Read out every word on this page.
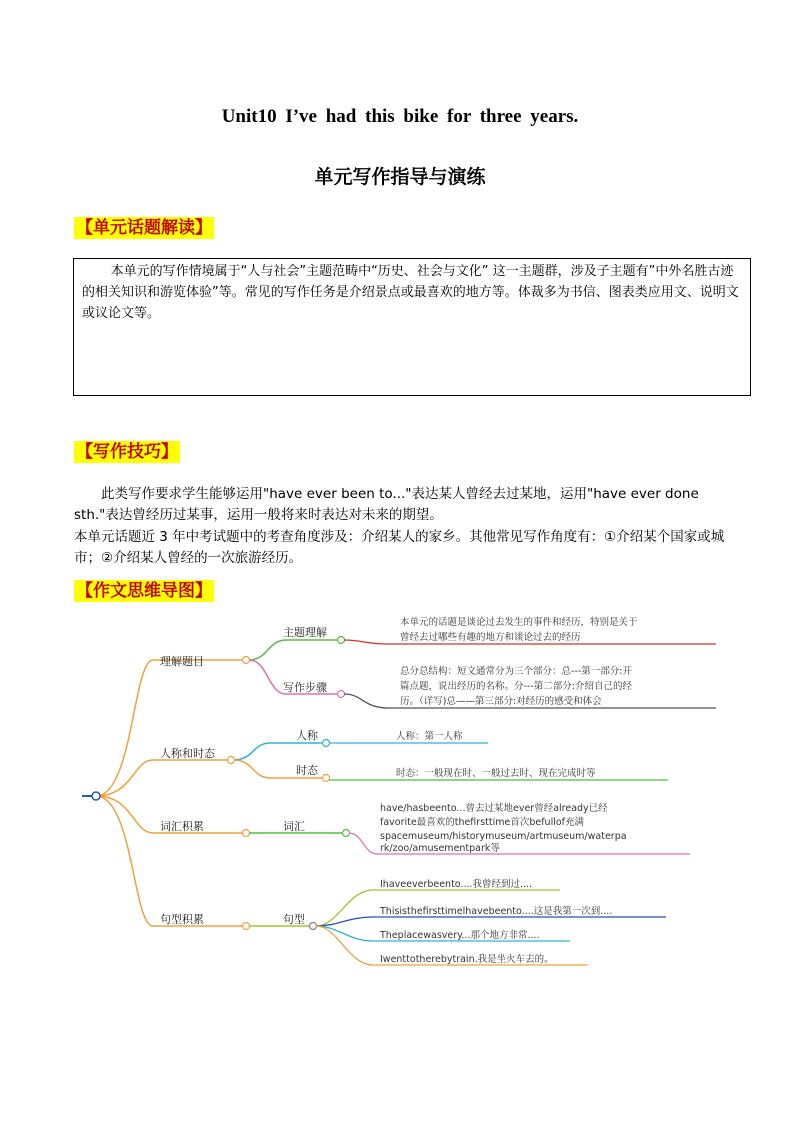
Unit10 I’ve had this bike for three years.
单元写作指导与演练
【单元话题解读】

本单元的写作情境属于“人与社会”主题范畴中“历史、社会与文化” 这一主题群，涉及子主题有”中外名胜古迹的相关知识和游览体验”等。常见的写作任务是介绍景点或最喜欢的地方等。体裁多为书信、图表类应用文、说明文或议论文等。

【写作技巧】
此类写作要求学生能够运用"have ever been to..."表达某人曾经去过某地，运用"have ever done sth."表达曾经历过某事，运用一般将来时表达对未来的期望。
本单元话题近 3 年中考试题中的考查角度涉及：介绍某人的家乡。其他常见写作角度有：①介绍某个国家或城市；②介绍某人曾经的一次旅游经历。
【作文思维导图】
理解题目
人称和时态
词汇积累
句型积累
主题理解
写作步骤
人称
时态
词汇
句型
本单元的话题是谈论过去发生的事件和经历，特别是关于
曾经去过哪些有趣的地方和谈论过去的经历
总分总结构：短文通常分为三个部分：总---第一部分:开
篇点题，说出经历的名称。分---第二部分:介绍自己的经
历。（详写)总——第三部分:对经历的感受和体会
人称：第一人称
时态：一般现在时、一般过去时、现在完成时等
have/hasbeento...曾去过某地ever曾经already已经
favorite最喜欢的thefirsttime首次befullof充满
spacemuseum/historymuseum/artmuseum/waterpa
rk/zoo/amusementpark等
Ihaveeverbeento....我曾经到过....
Thisisthefirsttimelhavebeento....这是我第一次到....
Theplacewasvery...那个地方非常....
Iwenttotherebytrain.我是坐火车去的。
